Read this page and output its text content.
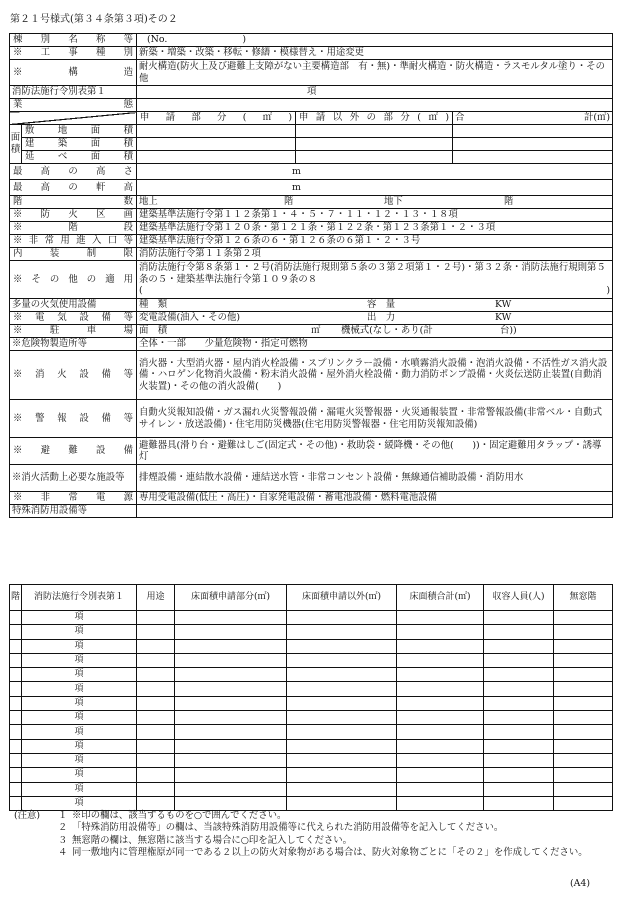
第２１号様式(第３４条第３項)その２
棟別名称等		(No.　　　　　　　　)		
※工事種別		新築・増築・改築・移転・修繕・模様替え・用途変更		
※構造		耐火構造(防火上及び避難上支障がない主要構造部　有・無)・準耐火構造・防火構造・ラスモルタル塗り・その他		
消防法施行令別表第１		項		
業態				
		申請部分(㎡)	申請以外の部分(㎡)	合 計(㎡)

面積	敷地面積			
	建築面積			
	延べ面積			
最高の高さ		m		
最高の軒高		m		
階数		地上 階 地下 階		
※防火区画		建築基準法施行令第１１２条第１・４・５・７・１１・１２・１３・１８項		
※階段		建築基準法施行令第１２０条・第１２１条・第１２２条・第１２３条第１・２・３項		
※非常用進入口等		建築基準法施行令第１２６条の６・第１２６条の６第１・２・３号		
内装制限		消防法施行令第１１条第２項		
※その他の適用		消防法施行令第８条第１・２号(消防法施行規則第５条の３第２項第１・２号)・第３２条・消防法施行規則第５条の５・建築基準法施行令第１０９条の８
( )		

多量の火気使用設備		種　類 容　量 KW		
※電気設備等		変電設備(油入・その他) 出　力 KW		
※駐車場		面　積 ㎡ 機械式(なし・あり(計 台))		
※危険物製造所等		全体・一部　　少量危険物・指定可燃物		
※消火設備等		消火器・大型消火器・屋内消火栓設備・スプリンクラー設備・水噴霧消火設備・泡消火設備・不活性ガス消火設備・ハロゲン化物消火設備・粉末消火設備・屋外消火栓設備・動力消防ポンプ設備・火炎伝送防止装置(自動消火装置)・その他の消火設備(　　)		
※警報設備等		自動火災報知設備・ガス漏れ火災警報設備・漏電火災警報器・火災通報装置・非常警報設備(非常ベル・自動式サイレン・放送設備)・住宅用防災機器(住宅用防災警報器・住宅用防災報知設備)		
※避難設備		避難器具(滑り台・避難はしご(固定式・その他)・救助袋・緩降機・その他(　　))・固定避難用タラップ・誘導灯		
※消火活動上必要な施設等		排煙設備・連結散水設備・連結送水管・非常コンセント設備・無線通信補助設備・消防用水		
※非常電源		専用受電設備(低圧・高圧)・自家発電設備・蓄電池設備・燃料電池設備		
特殊消防用設備等				
階	消防法施行令別表第１	用途	床面積申請部分(㎡)	床面積申請以外(㎡)	床面積合計(㎡)	収容人員(人)	無窓階
	項						
	項						
	項						
	項						
	項						
	項						
	項						
	項						
	項						
	項						
	項						
	項						
	項						
	項						
(注意)	１ ※印の欄は、該当するものを○で囲んでください。
２ 「特殊消防用設備等」の欄は、当該特殊消防用設備等に代えられた消防用設備等を記入してください。
３ 無窓階の欄は、無窓階に該当する場合に○印を記入してください。
４ 同一敷地内に管理権原が同一である２以上の防火対象物がある場合は、防火対象物ごとに「その２」を作成してください。
(A4)
